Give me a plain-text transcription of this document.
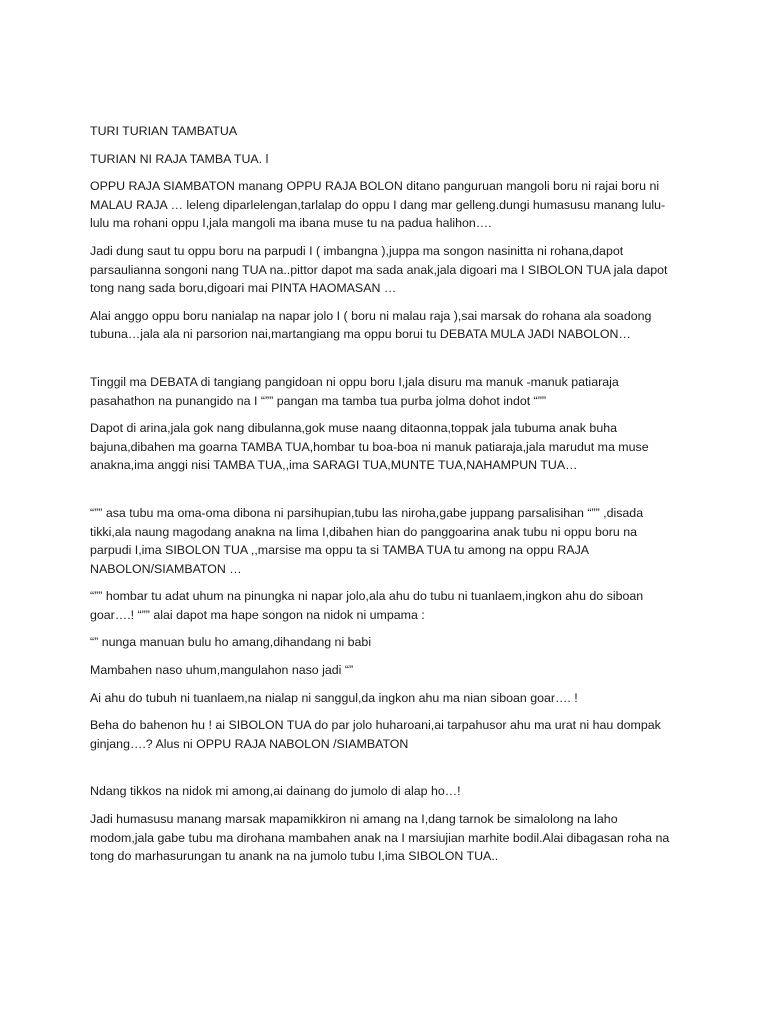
TURI TURIAN TAMBATUA

TURIAN NI RAJA TAMBA TUA. l

OPPU RAJA SIAMBATON manang OPPU RAJA BOLON ditano panguruan mangoli boru ni rajai boru ni MALAU RAJA … leleng diparlelengan,tarlalap do oppu I dang mar gelleng.dungi humasusu manang lulu-lulu ma rohani oppu I,jala mangoli ma ibana muse tu na padua halihon….

Jadi dung saut tu oppu boru na parpudi I ( imbangna ),juppa ma songon nasinitta ni rohana,dapot parsaulianna songoni nang TUA na..pittor dapot ma sada anak,jala digoari ma I SIBOLON TUA jala dapot tong nang sada boru,digoari mai PINTA HAOMASAN …

Alai anggo oppu boru nanialap na napar jolo I ( boru ni malau raja ),sai marsak do rohana ala soadong tubuna…jala ala ni parsorion nai,martangiang ma oppu borui tu DEBATA MULA JADI NABOLON…

Tinggil ma DEBATA di tangiang pangidoan ni oppu boru I,jala disuru ma manuk -manuk patiaraja pasahathon na punangido na I “”” pangan ma tamba tua purba jolma dohot indot “””

Dapot di arina,jala gok nang dibulanna,gok muse naang ditaonna,toppak jala tubuma anak buha bajuna,dibahen ma goarna TAMBA TUA,hombar tu boa-boa ni manuk patiaraja,jala marudut ma muse anakna,ima anggi nisi TAMBA TUA,,ima SARAGI TUA,MUNTE TUA,NAHAMPUN TUA…

“”” asa tubu ma oma-oma dibona ni parsihupian,tubu las niroha,gabe juppang parsalisihan “”” ,disada tikki,ala naung magodang anakna na lima I,dibahen hian do panggoarina anak tubu ni oppu boru na parpudi I,ima SIBOLON TUA ,,marsise ma oppu ta si TAMBA TUA tu among na oppu RAJA NABOLON/SIAMBATON …

“”” hombar tu adat uhum na pinungka ni napar jolo,ala ahu do tubu ni tuanlaem,ingkon ahu do siboan goar….! “”” alai dapot ma hape songon na nidok ni umpama :

“” nunga manuan bulu ho amang,dihandang ni babi

Mambahen naso uhum,mangulahon naso jadi “”

Ai ahu do tubuh ni tuanlaem,na nialap ni sanggul,da ingkon ahu ma nian siboan goar…. !

Beha do bahenon hu ! ai SIBOLON TUA do par jolo huharoani,ai tarpahusor ahu ma urat ni hau dompak ginjang….? Alus ni OPPU RAJA NABOLON /SIAMBATON

Ndang tikkos na nidok mi among,ai dainang do jumolo di alap ho…!

Jadi humasusu manang marsak mapamikkiron ni amang na I,dang tarnok be simalolong na laho modom,jala gabe tubu ma dirohana mambahen anak na I marsiujian marhite bodil.Alai dibagasan roha na tong do marhasurungan tu anank na na jumolo tubu I,ima SIBOLON TUA..
